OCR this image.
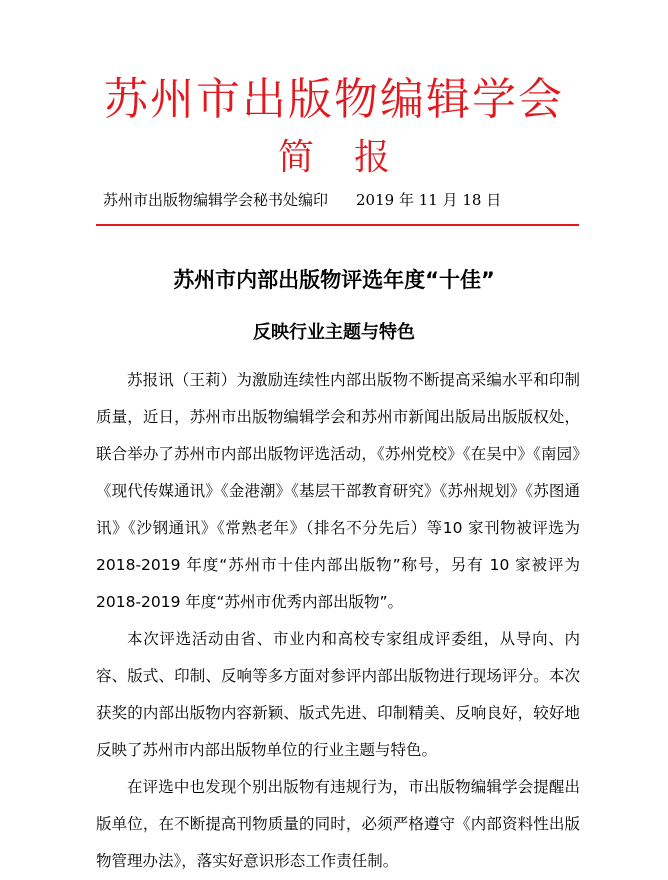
苏州市出版物编辑学会
简报
苏州市出版物编辑学会秘书处编印 2019 年 11 月 18 日
苏州市内部出版物评选年度“十佳”
反映行业主题与特色

苏报讯（王莉）为激励连续性内部出版物不断提高采编水平和印制质量，近日，苏州市出版物编辑学会和苏州市新闻出版局出版版权处，联合举办了苏州市内部出版物评选活动，《苏州党校》《在吴中》《南园》《现代传媒通讯》《金港潮》《基层干部教育研究》《苏州规划》《苏图通讯》《沙钢通讯》《常熟老年》（排名不分先后）等10 家刊物被评选为 2018-2019 年度“苏州市十佳内部出版物”称号，另有 10 家被评为 2018-2019 年度“苏州市优秀内部出版物”。

本次评选活动由省、市业内和高校专家组成评委组，从导向、内容、版式、印制、反响等多方面对参评内部出版物进行现场评分。本次获奖的内部出版物内容新颖、版式先进、印制精美、反响良好，较好地反映了苏州市内部出版物单位的行业主题与特色。

在评选中也发现个别出版物有违规行为，市出版物编辑学会提醒出版单位，在不断提高刊物质量的同时，必须严格遵守《内部资料性出版物管理办法》，落实好意识形态工作责任制。
